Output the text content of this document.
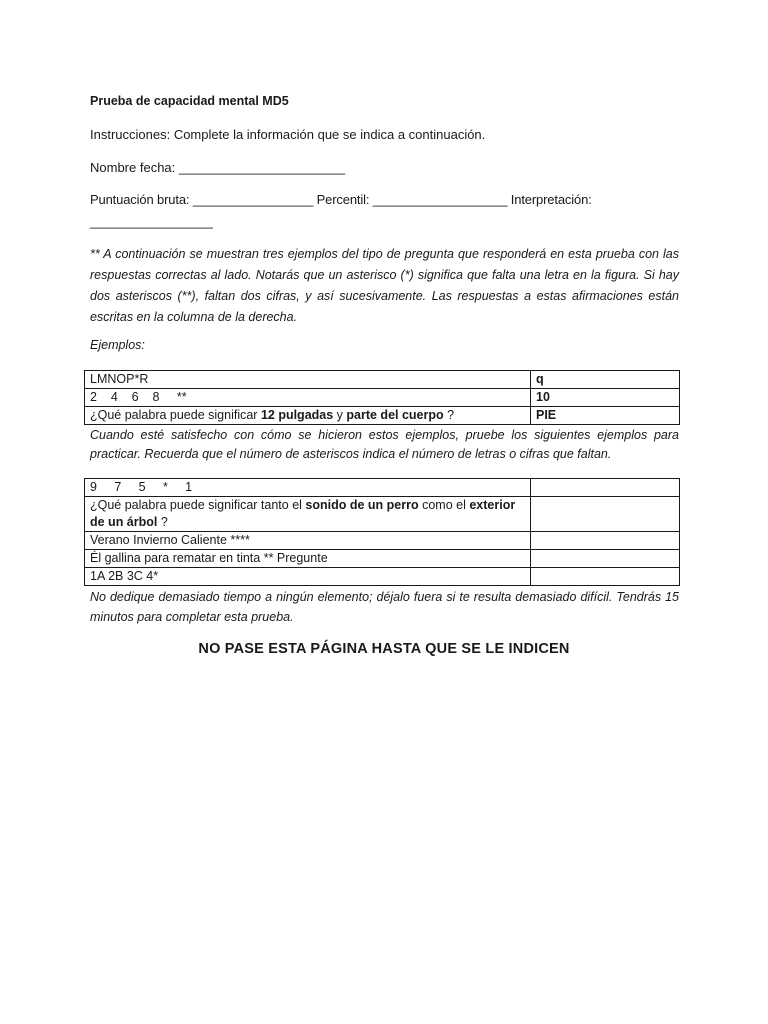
Prueba de capacidad mental MD5
Instrucciones: Complete la información que se indica a continuación.
Nombre fecha: _______________________
Puntuación bruta: _________________ Percentil: ___________________ Interpretación:
_________________
** A continuación se muestran tres ejemplos del tipo de pregunta que responderá en esta prueba con las respuestas correctas al lado. Notarás que un asterisco (*) significa que falta una letra en la figura. Si hay dos asteriscos (**), faltan dos cifras, y así sucesivamente. Las respuestas a estas afirmaciones están escritas en la columna de la derecha.
Ejemplos:
LMNOP*R	q
2    4    6    8     **	10
¿Qué palabra puede significar 12 pulgadas y parte del cuerpo ?	PIE
Cuando esté satisfecho con cómo se hicieron estos ejemplos, pruebe los siguientes ejemplos para practicar. Recuerda que el número de asteriscos indica el número de letras o cifras que faltan.
9     7     5     *     1	
¿Qué palabra puede significar tanto el sonido de un perro como el exterior de un árbol ?	
Verano Invierno Caliente ****	
Él gallina para rematar en tinta ** Pregunte	
1A 2B 3C 4*	
No dedique demasiado tiempo a ningún elemento; déjalo fuera si te resulta demasiado difícil. Tendrás 15 minutos para completar esta prueba.
NO PASE ESTA PÁGINA HASTA QUE SE LE INDICEN
